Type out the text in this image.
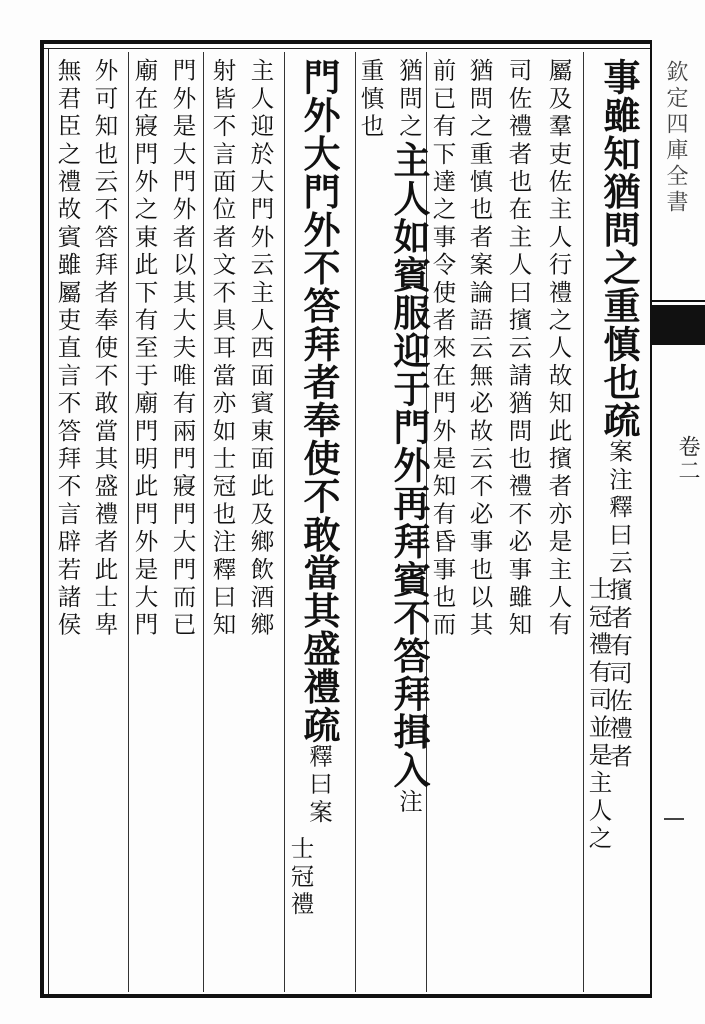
事雖知猶問之重慎也疏案注釋曰云擯者有司佐禮者
士冠禮有司並是主人之
屬及羣吏佐主人行禮之人故知此擯者亦是主人有
司佐禮者也在主人曰擯云請猶問也禮不必事雖知
猶問之重慎也者案論語云無必故云不必事也以其
前已有下達之事令使者來在門外是知有昏事也而
猶問之主人如賓服迎于門外再拜賓不答拜揖入注
重慎也
門外大門外不答拜者奉使不敢當其盛禮疏釋曰案
士冠禮
主人迎於大門外云主人西面賓東面此及鄉飲酒鄉
射皆不言面位者文不具耳當亦如士冠也注釋曰知
門外是大門外者以其大夫唯有兩門寢門大門而已
廟在寢門外之東此下有至于廟門明此門外是大門
外可知也云不答拜者奉使不敢當其盛禮者此士卑
無君臣之禮故賓雖屬吏直言不答拜不言辟若諸侯	欽定四庫全書
卷二
